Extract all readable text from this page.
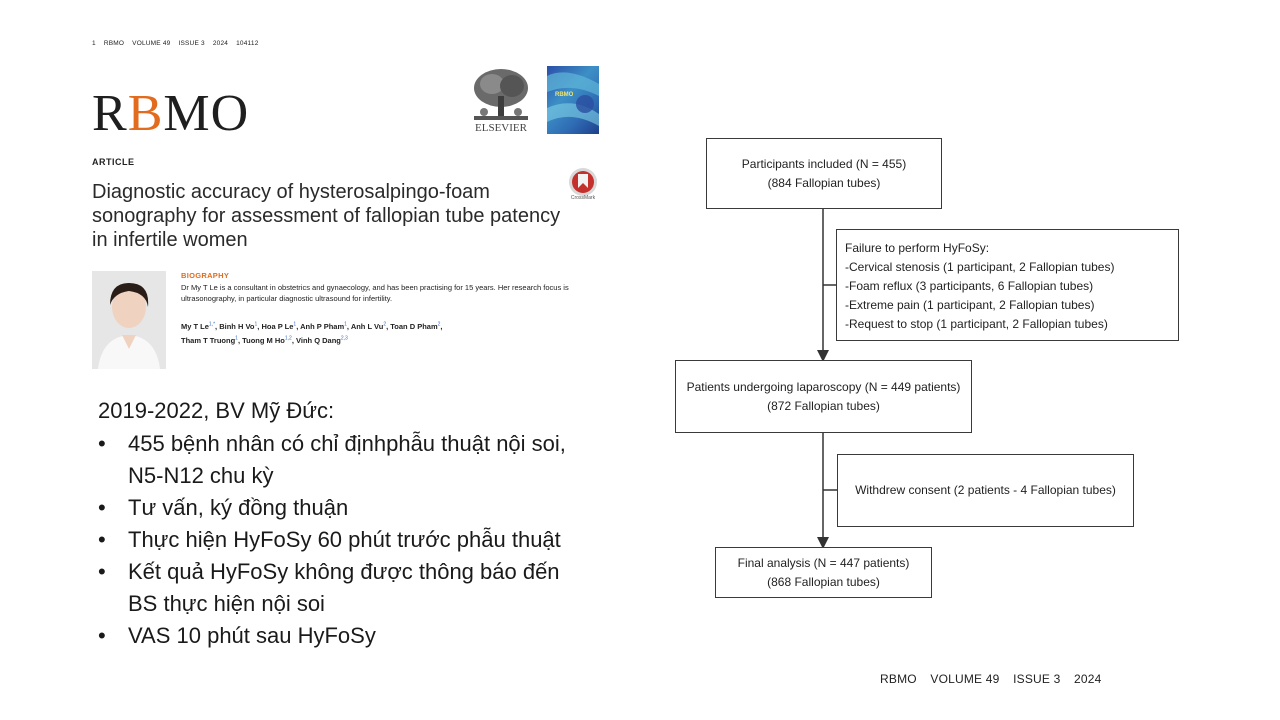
1 RBMO VOLUME 49 ISSUE 3 2024 104112
RBMO	ELSEVIER
RBMO
ARTICLE
Diagnostic accuracy of hysterosalpingo-foam sonography for assessment of fallopian tube patency in infertile women
CrossMark
BIOGRAPHY
Dr My T Le is a consultant in obstetrics and gynaecology, and has been practising for 15 years. Her research focus is ultrasonography, in particular diagnostic ultrasound for infertility.
My T $Le^{1,*}$, Binh H Vo$^1$, Hoa P Le$^1$, Anh P Pham$^1$, Anh L Vu$^2$, Toan D Pham$^2$,
Tham T Truong$^1$, Tuong M Ho$^{1,2}$, Vinh Q Dang$^{2,3}$
2019-2022, BV Mỹ Đức:
• 455 bệnh nhân có chỉ địnhphẫu thuật nội soi, N5-N12 chu kỳ
• Tư vấn, ký đồng thuận
• Thực hiện HyFoSy 60 phút trước phẫu thuật
• Kết quả HyFoSy không được thông báo đến BS thực hiện nội soi
• VAS 10 phút sau HyFoSy
Participants included (N = 455)
(884 Fallopian tubes)
Failure to perform HyFoSy:
-Cervical stenosis (1 participant, 2 Fallopian tubes)
-Foam reflux (3 participants, 6 Fallopian tubes)
-Extreme pain (1 participant, 2 Fallopian tubes)
-Request to stop (1 participant, 2 Fallopian tubes)
Patients undergoing laparoscopy (N = 449 patients)
(872 Fallopian tubes)
Withdrew consent (2 patients - 4 Fallopian tubes)
Final analysis (N = 447 patients)
(868 Fallopian tubes)
RBMO VOLUME 49 ISSUE 3 2024
